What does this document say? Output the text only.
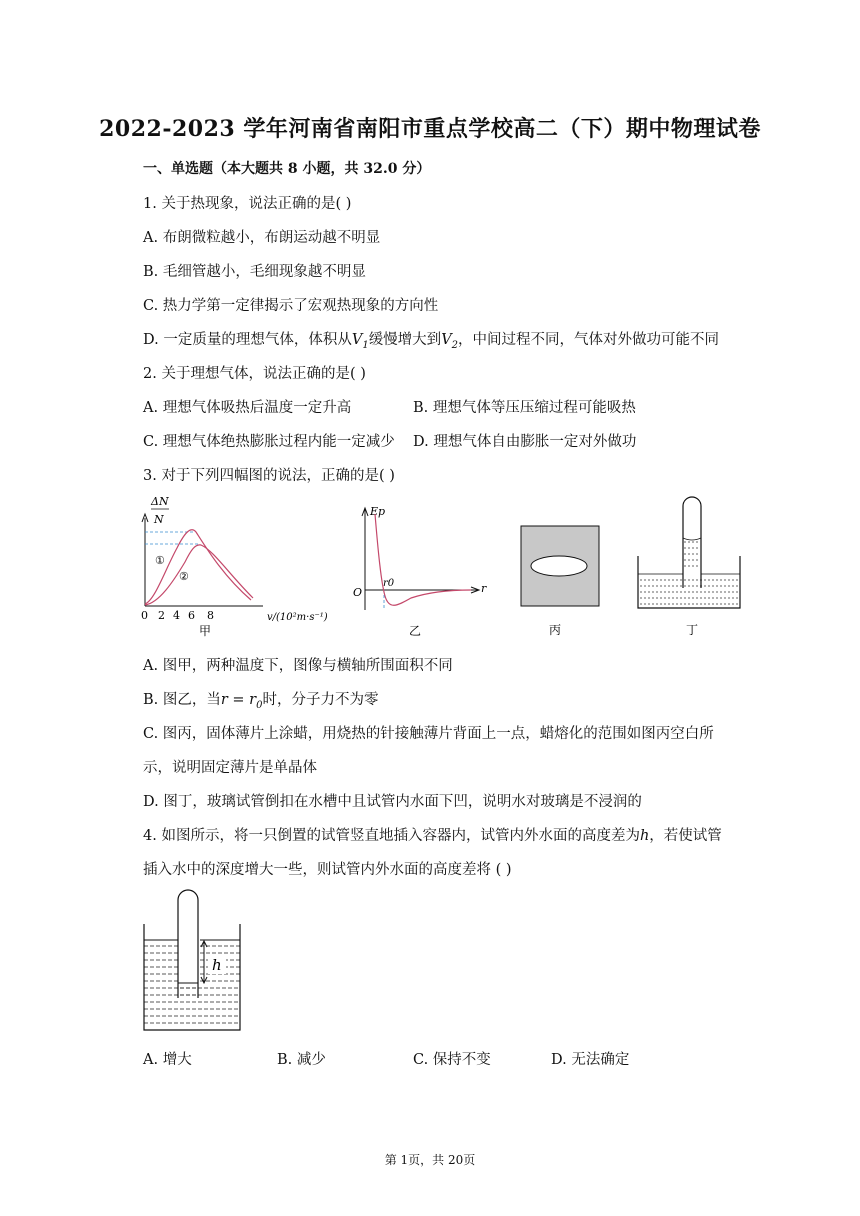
2022-2023 学年河南省南阳市重点学校高二（下）期中物理试卷
一、单选题（本大题共 8 小题，共 32.0 分）
1. 关于热现象，说法正确的是( )
A. 布朗微粒越小，布朗运动越不明显
B. 毛细管越小，毛细现象越不明显
C. 热力学第一定律揭示了宏观热现象的方向性
D. 一定质量的理想气体，体积从$V_1$缓慢增大到$V_2$，中间过程不同，气体对外做功可能不同
2. 关于理想气体，说法正确的是( )
A. 理想气体吸热后温度一定升高	B. 理想气体等压压缩过程可能吸热
C. 理想气体绝热膨胀过程内能一定减少 D. 理想气体自由膨胀一定对外做功
3. 对于下列四幅图的说法，正确的是( )
ΔN
N
①
②
0 2 4 6 8	v/(10²m·s⁻¹)
甲
Ep
O
r0	r
乙	丙	丁
A. 图甲，两种温度下，图像与横轴所围面积不同
B. 图乙，当$r = r_0$时，分子力不为零
C. 图丙，固体薄片上涂蜡，用烧热的针接触薄片背面上一点，蜡熔化的范围如图丙空白所
示，说明固定薄片是单晶体
D. 图丁，玻璃试管倒扣在水槽中且试管内水面下凹，说明水对玻璃是不浸润的
4. 如图所示，将一只倒置的试管竖直地插入容器内，试管内外水面的高度差为h，若使试管
插入水中的深度增大一些，则试管内外水面的高度差将 ( )
h
A. 增大	B. 减少	C. 保持不变	D. 无法确定
第 1页，共 20页
